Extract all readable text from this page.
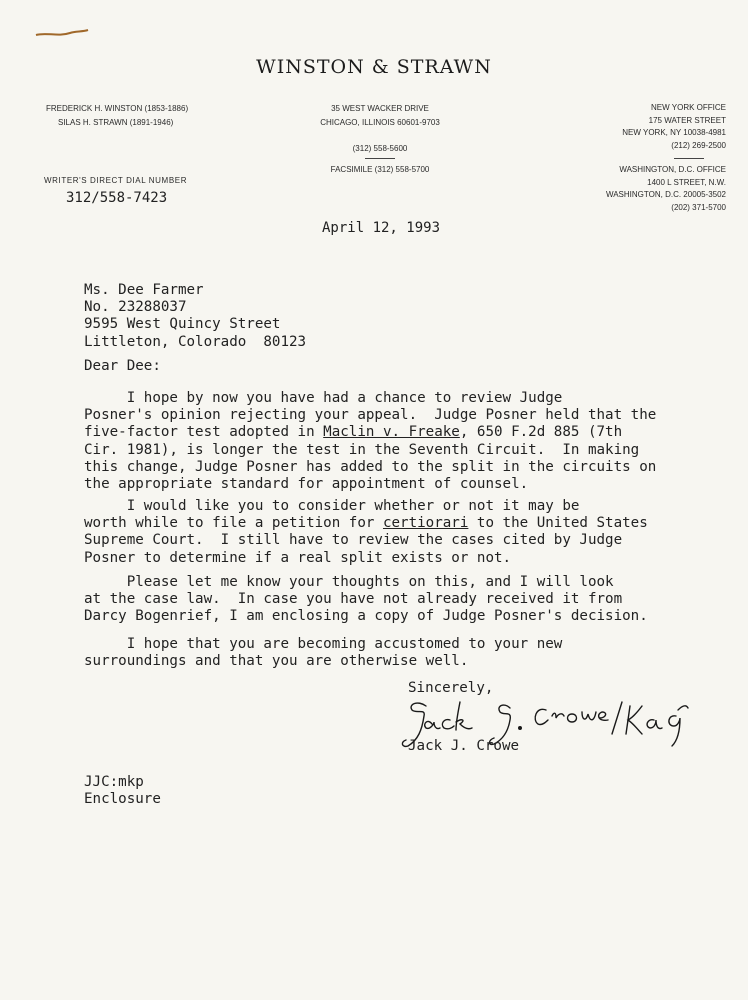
WINSTON & STRAWN
FREDERICK H. WINSTON (1853-1886)
SILAS H. STRAWN (1891-1946)
35 WEST WACKER DRIVE
CHICAGO, ILLINOIS 60601-9703
(312) 558-5600
FACSIMILE (312) 558-5700
NEW YORK OFFICE
175 WATER STREET
NEW YORK, NY 10038-4981
(212) 269-2500
WASHINGTON, D.C. OFFICE
1400 L STREET, N.W.
WASHINGTON, D.C. 20005-3502
(202) 371-5700
WRITER'S DIRECT DIAL NUMBER
312/558-7423
April 12, 1993
Ms. Dee Farmer
No. 23288037
9595 West Quincy Street
Littleton, Colorado  80123
Dear Dee:
I hope by now you have had a chance to review Judge
Posner's opinion rejecting your appeal.  Judge Posner held that the
five-factor test adopted in Maclin v. Freake, 650 F.2d 885 (7th
Cir. 1981), is longer the test in the Seventh Circuit.  In making
this change, Judge Posner has added to the split in the circuits on
the appropriate standard for appointment of counsel.
I would like you to consider whether or not it may be
worth while to file a petition for certiorari to the United States
Supreme Court.  I still have to review the cases cited by Judge
Posner to determine if a real split exists or not.
Please let me know your thoughts on this, and I will look
at the case law.  In case you have not already received it from
Darcy Bogenrief, I am enclosing a copy of Judge Posner's decision.
I hope that you are becoming accustomed to your new
surroundings and that you are otherwise well.
Sincerely,
Jack J. Crowe
JJC:mkp
Enclosure
